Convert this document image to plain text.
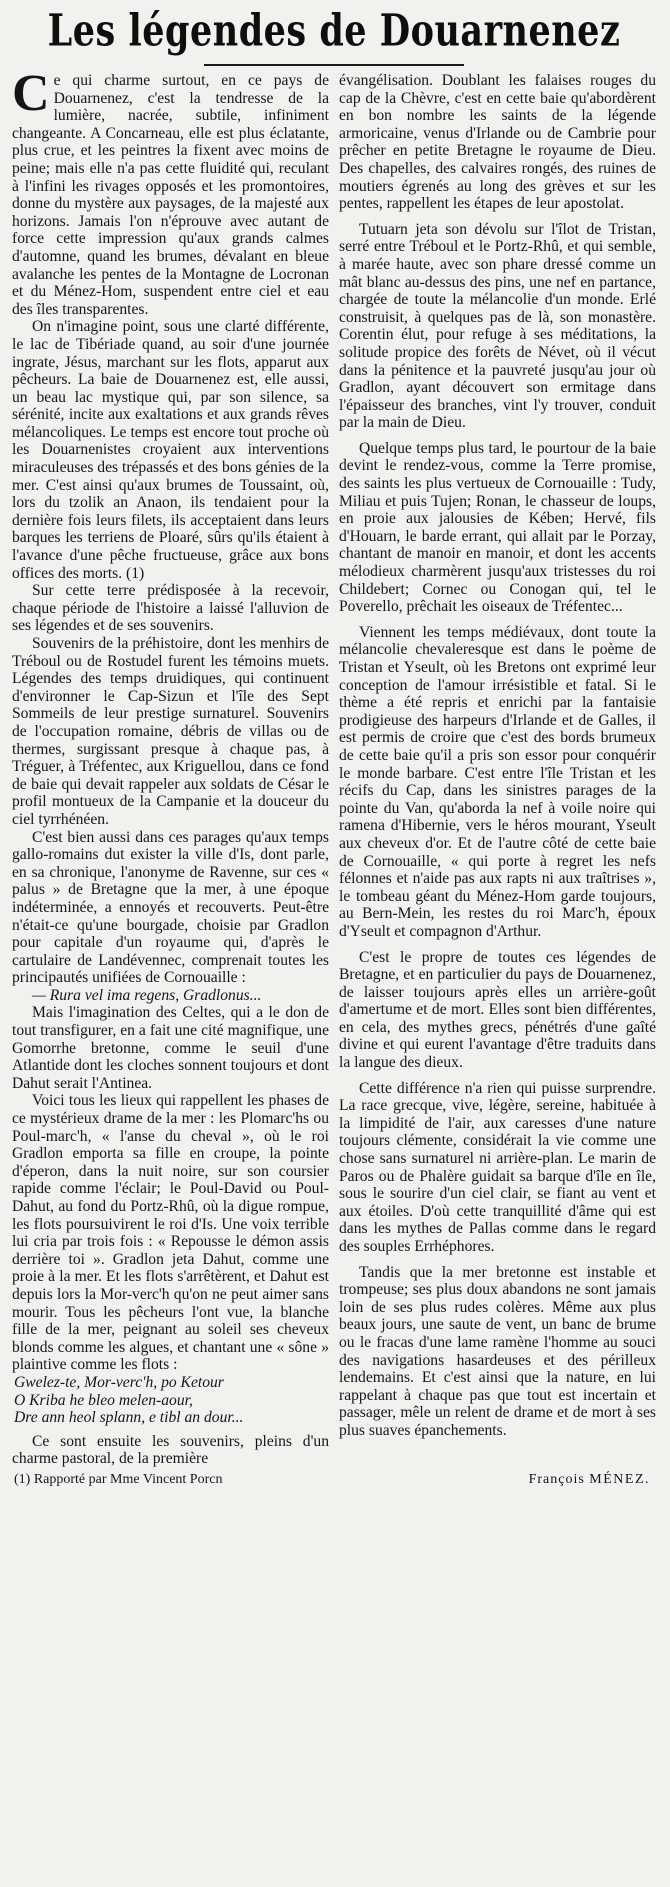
Les légendes de Douarnenez

Ce qui charme surtout, en ce pays de Douarnenez, c'est la tendresse de la lumière, nacrée, subtile, infiniment changeante. A Concarneau, elle est plus éclatante, plus crue, et les peintres la fixent avec moins de peine; mais elle n'a pas cette fluidité qui, reculant à l'infini les rivages opposés et les promontoires, donne du mystère aux paysages, de la majesté aux horizons. Jamais l'on n'éprouve avec autant de force cette impression qu'aux grands calmes d'automne, quand les brumes, dévalant en bleue avalanche les pentes de la Montagne de Locronan et du Ménez-Hom, suspendent entre ciel et eau des îles transparentes.

On n'imagine point, sous une clarté différente, le lac de Tibériade quand, au soir d'une journée ingrate, Jésus, marchant sur les flots, apparut aux pêcheurs. La baie de Douarnenez est, elle aussi, un beau lac mystique qui, par son silence, sa sérénité, incite aux exaltations et aux grands rêves mélancoliques. Le temps est encore tout proche où les Douarnenistes croyaient aux interventions miraculeuses des trépassés et des bons génies de la mer. C'est ainsi qu'aux brumes de Toussaint, où, lors du tzolik an Anaon, ils tendaient pour la dernière fois leurs filets, ils acceptaient dans leurs barques les terriens de Ploaré, sûrs qu'ils étaient à l'avance d'une pêche fructueuse, grâce aux bons offices des morts. (1)

Sur cette terre prédisposée à la recevoir, chaque période de l'histoire a laissé l'alluvion de ses légendes et de ses souvenirs.

Souvenirs de la préhistoire, dont les menhirs de Tréboul ou de Rostudel furent les témoins muets. Légendes des temps druidiques, qui continuent d'environner le Cap-Sizun et l'île des Sept Sommeils de leur prestige surnaturel. Souvenirs de l'occupation romaine, débris de villas ou de thermes, surgissant presque à chaque pas, à Tréguer, à Tréfentec, aux Kriguellou, dans ce fond de baie qui devait rappeler aux soldats de César le profil montueux de la Campanie et la douceur du ciel tyrrhénéen.

C'est bien aussi dans ces parages qu'aux temps gallo-romains dut exister la ville d'Is, dont parle, en sa chronique, l'anonyme de Ravenne, sur ces « palus » de Bretagne que la mer, à une époque indéterminée, a ennoyés et recouverts. Peut-être n'était-ce qu'une bourgade, choisie par Gradlon pour capitale d'un royaume qui, d'après le cartulaire de Landévennec, comprenait toutes les principautés unifiées de Cornouaille :

— Rura vel ima regens, Gradlonus...

Mais l'imagination des Celtes, qui a le don de tout transfigurer, en a fait une cité magnifique, une Gomorrhe bretonne, comme le seuil d'une Atlantide dont les cloches sonnent toujours et dont Dahut serait l'Antinea.

Voici tous les lieux qui rappellent les phases de ce mystérieux drame de la mer : les Plomarc'hs ou Poul-marc'h, « l'anse du cheval », où le roi Gradlon emporta sa fille en croupe, la pointe d'éperon, dans la nuit noire, sur son coursier rapide comme l'éclair; le Poul-David ou Poul-Dahut, au fond du Portz-Rhû, où la digue rompue, les flots poursuivirent le roi d'Is. Une voix terrible lui cria par trois fois : « Repousse le démon assis derrière toi ». Gradlon jeta Dahut, comme une proie à la mer. Et les flots s'arrêtèrent, et Dahut est depuis lors la Mor-verc'h qu'on ne peut aimer sans mourir. Tous les pêcheurs l'ont vue, la blanche fille de la mer, peignant au soleil ses cheveux blonds comme les algues, et chantant une « sône » plaintive comme les flots :

Gwelez-te, Mor-verc'h, po Ketour

O Kriba he bleo melen-aour,

Dre ann heol splann, e tibl an dour...

Ce sont ensuite les souvenirs, pleins d'un charme pastoral, de la première

évangélisation. Doublant les falaises rouges du cap de la Chèvre, c'est en cette baie qu'abordèrent en bon nombre les saints de la légende armoricaine, venus d'Irlande ou de Cambrie pour prêcher en petite Bretagne le royaume de Dieu. Des chapelles, des calvaires rongés, des ruines de moutiers égrenés au long des grèves et sur les pentes, rappellent les étapes de leur apostolat.

Tutuarn jeta son dévolu sur l'îlot de Tristan, serré entre Tréboul et le Portz-Rhû, et qui semble, à marée haute, avec son phare dressé comme un mât blanc au-dessus des pins, une nef en partance, chargée de toute la mélancolie d'un monde. Erlé construisit, à quelques pas de là, son monastère. Corentin élut, pour refuge à ses méditations, la solitude propice des forêts de Névet, où il vécut dans la pénitence et la pauvreté jusqu'au jour où Gradlon, ayant découvert son ermitage dans l'épaisseur des branches, vint l'y trouver, conduit par la main de Dieu.

Quelque temps plus tard, le pourtour de la baie devint le rendez-vous, comme la Terre promise, des saints les plus vertueux de Cornouaille : Tudy, Miliau et puis Tujen; Ronan, le chasseur de loups, en proie aux jalousies de Kében; Hervé, fils d'Houarn, le barde errant, qui allait par le Porzay, chantant de manoir en manoir, et dont les accents mélodieux charmèrent jusqu'aux tristesses du roi Childebert; Cornec ou Conogan qui, tel le Poverello, prêchait les oiseaux de Tréfentec...

Viennent les temps médiévaux, dont toute la mélancolie chevaleresque est dans le poème de Tristan et Yseult, où les Bretons ont exprimé leur conception de l'amour irrésistible et fatal. Si le thème a été repris et enrichi par la fantaisie prodigieuse des harpeurs d'Irlande et de Galles, il est permis de croire que c'est des bords brumeux de cette baie qu'il a pris son essor pour conquérir le monde barbare. C'est entre l'île Tristan et les récifs du Cap, dans les sinistres parages de la pointe du Van, qu'aborda la nef à voile noire qui ramena d'Hibernie, vers le héros mourant, Yseult aux cheveux d'or. Et de l'autre côté de cette baie de Cornouaille, « qui porte à regret les nefs félonnes et n'aide pas aux rapts ni aux traîtrises », le tombeau géant du Ménez-Hom garde toujours, au Bern-Mein, les restes du roi Marc'h, époux d'Yseult et compagnon d'Arthur.

C'est le propre de toutes ces légendes de Bretagne, et en particulier du pays de Douarnenez, de laisser toujours après elles un arrière-goût d'amertume et de mort. Elles sont bien différentes, en cela, des mythes grecs, pénétrés d'une gaîté divine et qui eurent l'avantage d'être traduits dans la langue des dieux.

Cette différence n'a rien qui puisse surprendre. La race grecque, vive, légère, sereine, habituée à la limpidité de l'air, aux caresses d'une nature toujours clémente, considérait la vie comme une chose sans surnaturel ni arrière-plan. Le marin de Paros ou de Phalère guidait sa barque d'île en île, sous le sourire d'un ciel clair, se fiant au vent et aux étoiles. D'où cette tranquillité d'âme qui est dans les mythes de Pallas comme dans le regard des souples Errhéphores.

Tandis que la mer bretonne est instable et trompeuse; ses plus doux abandons ne sont jamais loin de ses plus rudes colères. Même aux plus beaux jours, une saute de vent, un banc de brume ou le fracas d'une lame ramène l'homme au souci des navigations hasardeuses et des périlleux lendemains. Et c'est ainsi que la nature, en lui rappelant à chaque pas que tout est incertain et passager, mêle un relent de drame et de mort à ses plus suaves épanchements.

(1) Rapporté par Mme Vincent Porcn	François MÉNEZ.
